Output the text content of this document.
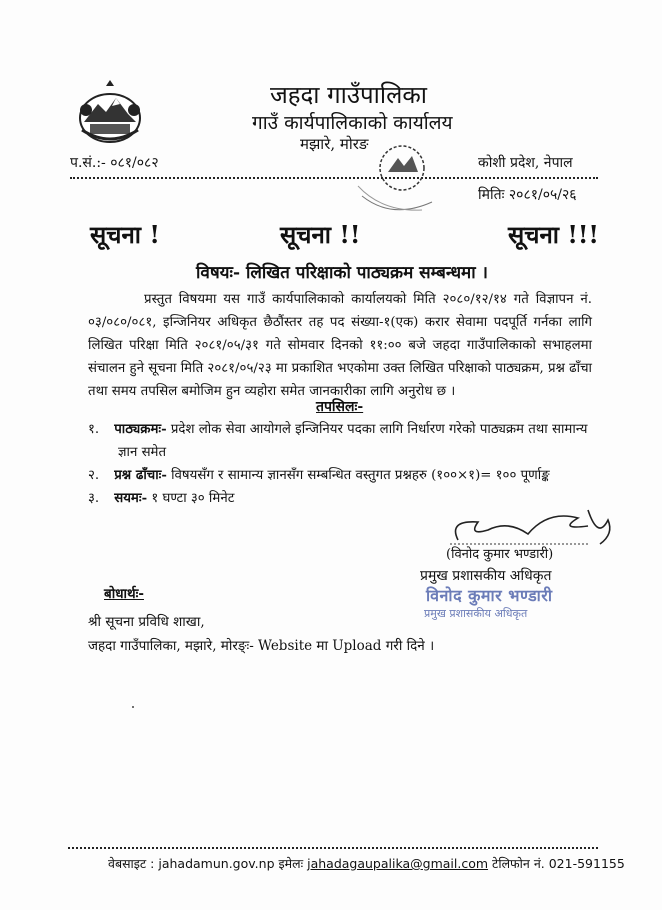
जहदा गाउँपालिका
गाउँ कार्यपालिकाको कार्यालय
मझारे, मोरङ
प.सं.:- ०८१/०८२	कोशी प्रदेश, नेपाल
मितिः २०८१/०५/२६
सूचना !	सूचना !!	सूचना !!!
विषयः- लिखित परिक्षाको पाठ्यक्रम सम्बन्धमा ।
प्रस्तुत विषयमा यस गाउँ कार्यपालिकाको कार्यालयको मिति २०८०/१२/१४ गते विज्ञापन नं. ०३/०८०/०८१, इन्जिनियर अधिकृत छैठौंस्तर तह पद संख्या-१(एक) करार सेवामा पदपूर्ति गर्नका लागि लिखित परिक्षा मिति २०८१/०५/३१ गते सोमवार दिनको ११:०० बजे जहदा गाउँपालिकाको सभाहलमा संचालन हुने सूचना मिति २०८१/०५/२३ मा प्रकाशित भएकोमा उक्त लिखित परिक्षाको पाठ्यक्रम, प्रश्न ढाँचा तथा समय तपसिल बमोजिम हुन व्यहोरा समेत जानकारीका लागि अनुरोध छ ।
तपसिलः-
१. पाठ्यक्रमः- प्रदेश लोक सेवा आयोगले इन्जिनियर पदका लागि निर्धारण गरेको पाठ्यक्रम तथा सामान्य
ज्ञान समेत
२. प्रश्न ढाँचाः- विषयसँग र सामान्य ज्ञानसँग सम्बन्धित वस्तुगत प्रश्नहरु (१००×१)= १०० पूर्णाङ्क
३. सयमः- १ घण्टा ३० मिनेट
(विनोद कुमार भण्डारी)
प्रमुख प्रशासकीय अधिकृत
विनोद कुमार भण्डारी
प्रमुख प्रशासकीय अधिकृत
बोधार्थः-
श्री सूचना प्रविधि शाखा,
जहदा गाउँपालिका, मझारे, मोरङ्ः- Website मा Upload गरी दिने ।
वेबसाइट : jahadamun.gov.np इमेलः jahadagaupalika@gmail.com टेलिफोन नं. 021-591155
